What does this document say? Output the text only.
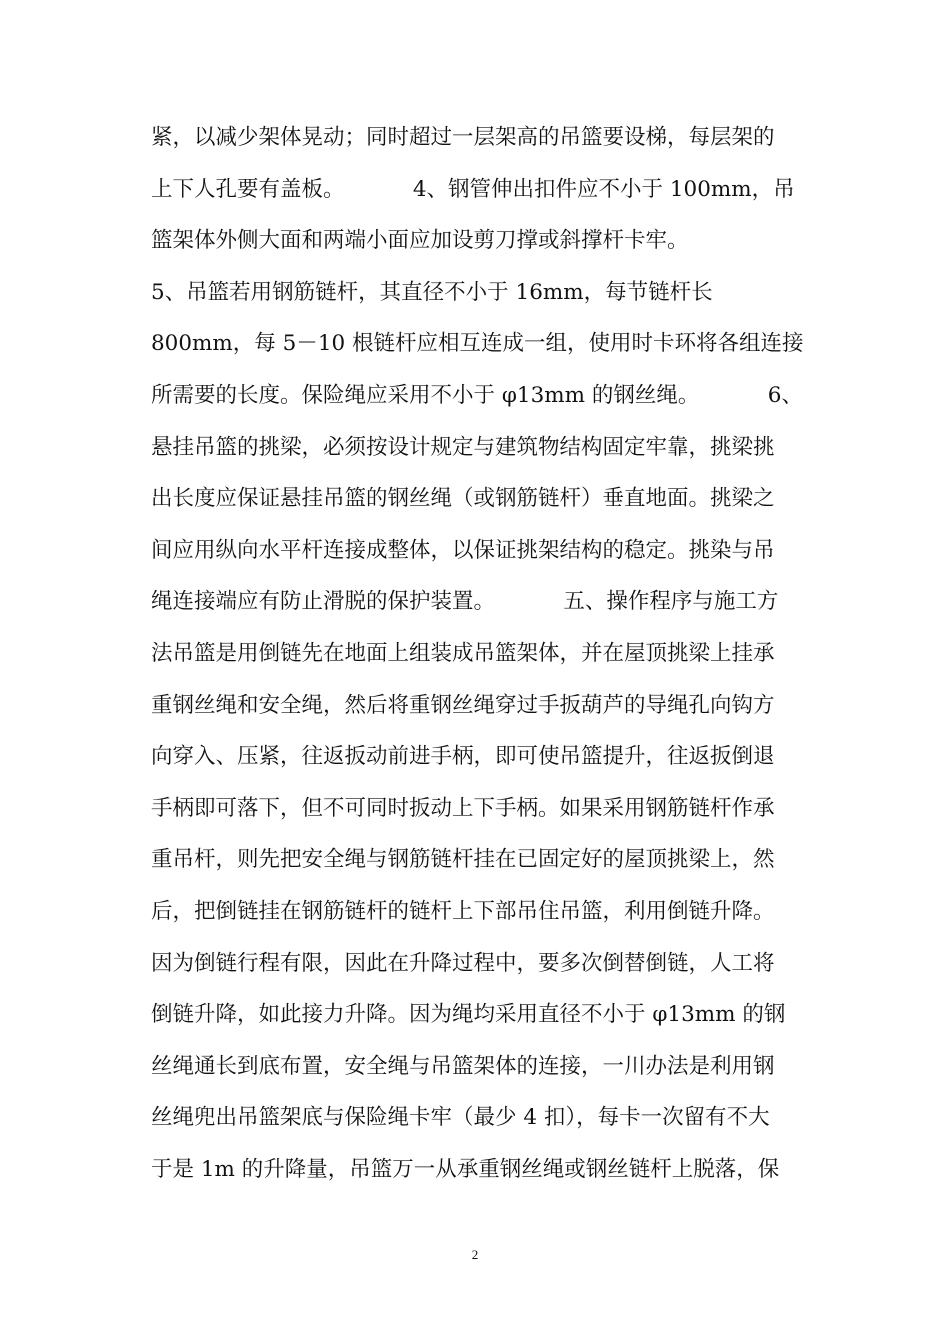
紧，以减少架体晃动；同时超过一层架高的吊篮要设梯，每层架的
上下人孔要有盖板。          4、钢管伸出扣件应不小于 100mm，吊
篮架体外侧大面和两端小面应加设剪刀撑或斜撑杆卡牢。
5、吊篮若用钢筋链杆，其直径不小于 16mm，每节链杆长
800mm，每 5－10 根链杆应相互连成一组，使用时卡环将各组连接
所需要的长度。保险绳应采用不小于 φ13mm 的钢丝绳。          6、
悬挂吊篮的挑梁，必须按设计规定与建筑物结构固定牢靠，挑梁挑
出长度应保证悬挂吊篮的钢丝绳（或钢筋链杆）垂直地面。挑梁之
间应用纵向水平杆连接成整体，以保证挑架结构的稳定。挑染与吊
绳连接端应有防止滑脱的保护装置。          五、操作程序与施工方
法吊篮是用倒链先在地面上组装成吊篮架体，并在屋顶挑梁上挂承
重钢丝绳和安全绳，然后将重钢丝绳穿过手扳葫芦的导绳孔向钩方
向穿入、压紧，往返扳动前进手柄，即可使吊篮提升，往返扳倒退
手柄即可落下，但不可同时扳动上下手柄。如果采用钢筋链杆作承
重吊杆，则先把安全绳与钢筋链杆挂在已固定好的屋顶挑梁上，然
后，把倒链挂在钢筋链杆的链杆上下部吊住吊篮，利用倒链升降。
因为倒链行程有限，因此在升降过程中，要多次倒替倒链，人工将
倒链升降，如此接力升降。因为绳均采用直径不小于 φ13mm 的钢
丝绳通长到底布置，安全绳与吊篮架体的连接，一川办法是利用钢
丝绳兜出吊篮架底与保险绳卡牢（最少 4 扣），每卡一次留有不大
于是 1m 的升降量，吊篮万一从承重钢丝绳或钢丝链杆上脱落，保
2
